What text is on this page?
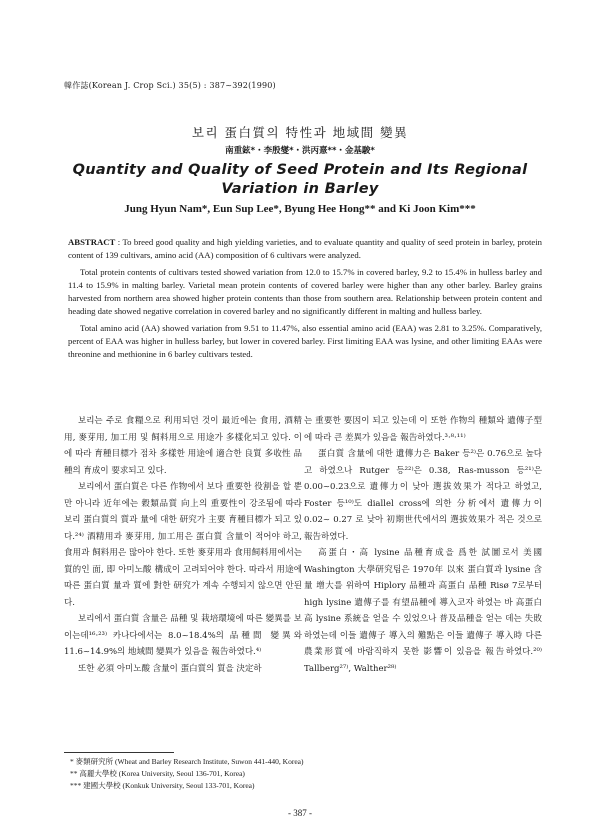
韓作誌(Korean J. Crop Sci.) 35(5) : 387~392(1990)
보리 蛋白質의 特性과 地域間 變異
南重鉉*・李殷燮*・洪丙憙**・金基駿*
Quantity and Quality of Seed Protein and Its Regional
Variation in Barley
Jung Hyun Nam*, Eun Sup Lee*, Byung Hee Hong** and Ki Joon Kim***

ABSTRACT : To breed good quality and high yielding varieties, and to evaluate quantity and quality of seed protein in barley, protein content of 139 cultivars, amino acid (AA) composition of 6 cultivars were analyzed.

Total protein contents of cultivars tested showed variation from 12.0 to 15.7% in covered barley, 9.2 to 15.4% in hulless barley and 11.4 to 15.9% in malting barley. Varietal mean protein contents of covered barley were higher than any other barley. Barley grains harvested from northern area showed higher protein contents than those from southern area. Relationship between protein content and heading date showed negative correlation in covered barley and no significantly different in malting and hulless barley.

Total amino acid (AA) showed variation from 9.51 to 11.47%, also essential amino acid (EAA) was 2.81 to 3.25%. Comparatively, percent of EAA was higher in hulless barley, but lower in covered barley. First limiting EAA was lysine, and other limiting EAAs were threonine and methionine in 6 barley cultivars tested.

보리는 주로 食糧으로 利用되던 것이 最近에는 食用, 酒精用, 麥芽用, 加工用 및 飼料用으로 用途가 多樣化되고 있다. 이에 따라 育種目標가 점차 多樣한 用途에 適合한 良質 多收性 品種의 育成이 要求되고 있다.

보리에서 蛋白質은 다른 作物에서 보다 重要한 役割을 할 뿐만 아니라 近年에는 穀類品質 向上의 重要性이 강조됨에 따라 보리 蛋白質의 質과 量에 대한 研究가 主要 育種目標가 되고 있다.²⁴⁾ 酒精用과 麥芽用, 加工用은 蛋白質 含量이 적어야 하고, 食用과 飼料用은 많아야 한다. 또한 麥芽用과 食用飼料用에서는 質的인 面, 即 아미노酸 構成이 고려되어야 한다. 따라서 用途에 따른 蛋白質 量과 質에 對한 研究가 계속 수행되지 않으면 안된다.

보리에서 蛋白質 含量은 品種 및 栽培環境에 따른 變異를 보이는데¹⁶·²³⁾ 카나다에서는 8.0~18.4%의 品種間 變異와 11.6~14.9%의 地域間 變異가 있음을 報告하였다.⁴⁾

또한 必須 아미노酸 含量이 蛋白質의 質을 決定하

는 重要한 要因이 되고 있는데 이 또한 作物의 種類와 遺傳子型에 따라 큰 差異가 있음을 報告하였다.³·⁸·¹¹⁾

蛋白質 含量에 대한 遺傳力은 Baker 등²⁾은 0.76으로 높다고 하였으나 Rutger 등²²⁾은 0.38, Ras-musson 등²¹⁾은 0.00~0.23으로 遺傳力이 낮아 選拔效果가 적다고 하였고, Foster 등¹⁰⁾도 diallel cross에 의한 分析에서 遺傳力이 0.02~ 0.27 로 낮아 初期世代에서의 選拔效果가 적은 것으로 報告하였다.

高蛋白・高 lysine 品種育成을 爲한 試圖로서 美國 Washington 大學研究팀은 1970年 以來 蛋白質과 lysine 含量 增大를 위하여 Hiplory 品種과 高蛋白 品種 Risø 7로부터 high lysine 遺傳子를 有望品種에 導入코자 하였는 바 高蛋白 高 lysine 系統을 얻을 수 있었으나 普及品種을 얻는 데는 失敗하였는데 이들 遺傳子 導入의 難點은 이들 遺傳子 導入時 다른 農業形質에 바람직하지 못한 影響이 있음을 報告하였다.²⁰⁾ Tallberg²⁷⁾, Walther²⁸⁾

* 麥類研究所 (Wheat and Barley Research Institute, Suwon 441-440, Korea)
** 高麗大學校 (Korea University, Seoul 136-701, Korea)
*** 建國大學校 (Konkuk University, Seoul 133-701, Korea)
- 387 -
